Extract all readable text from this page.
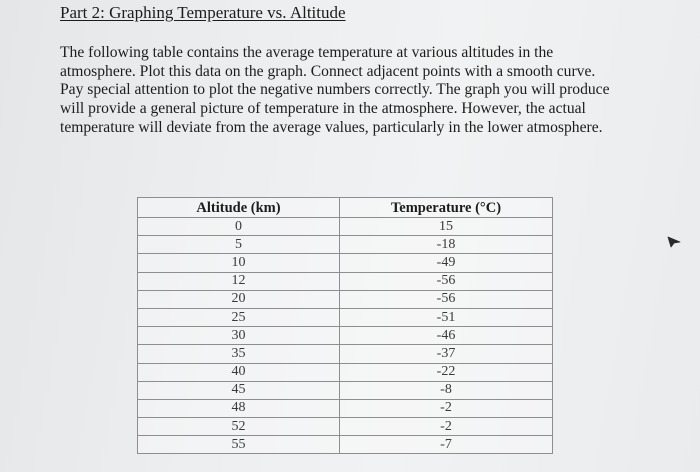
Part 2: Graphing Temperature vs. Altitude

The following table contains the average temperature at various altitudes in the
atmosphere. Plot this data on the graph. Connect adjacent points with a smooth curve.
Pay special attention to plot the negative numbers correctly. The graph you will produce
will provide a general picture of temperature in the atmosphere. However, the actual
temperature will deviate from the average values, particularly in the lower atmosphere.

Altitude (km)	Temperature (°C)
0	15
5	-18
10	-49
12	-56
20	-56
25	-51
30	-46
35	-37
40	-22
45	-8
48	-2
52	-2
55	-7
